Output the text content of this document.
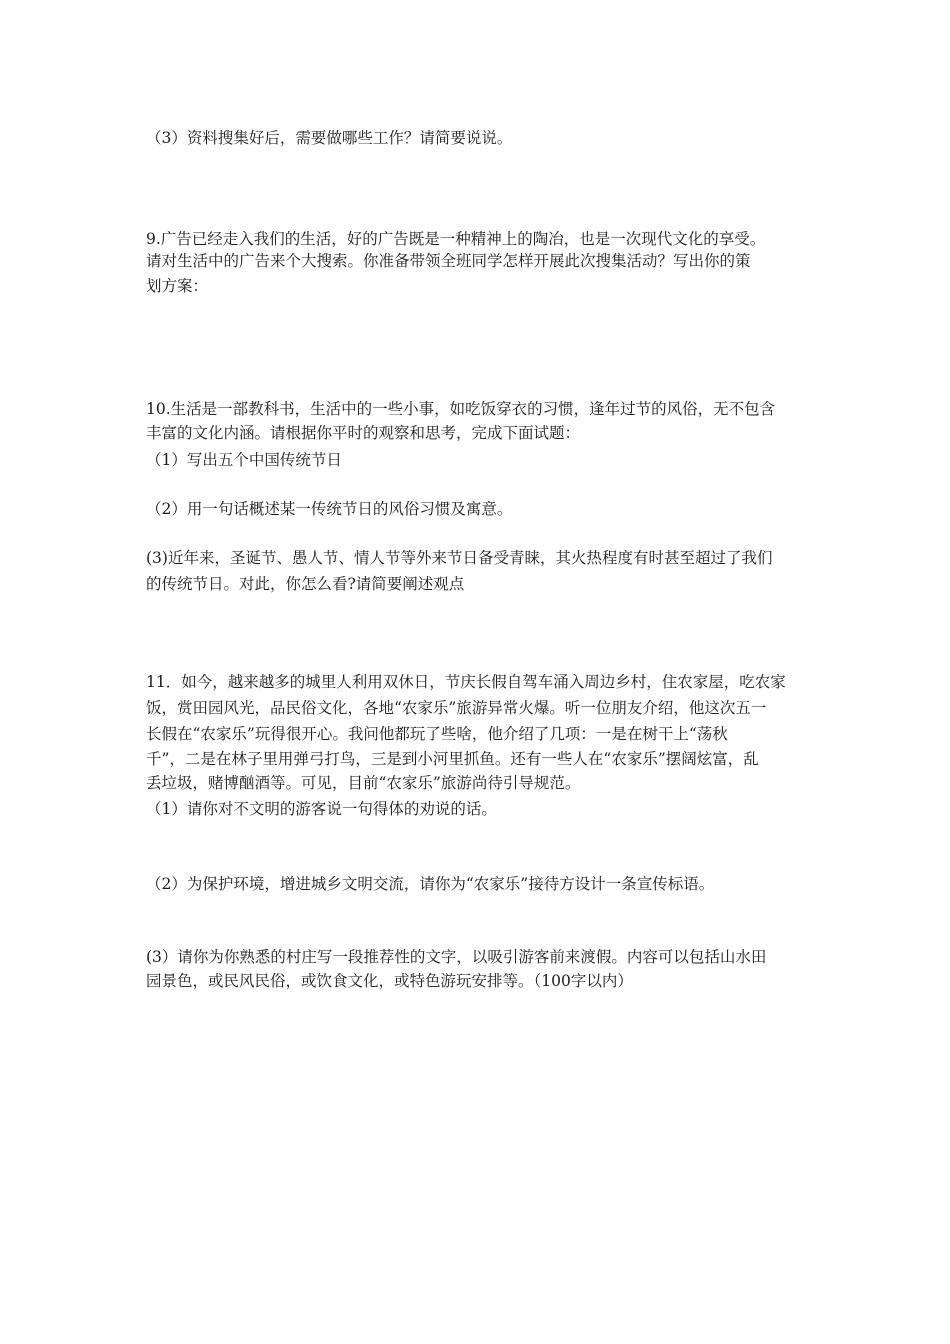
（3）资料搜集好后，需要做哪些工作？请简要说说。
9.广告已经走入我们的生活，好的广告既是一种精神上的陶冶，也是一次现代文化的享受。
请对生活中的广告来个大搜索。你准备带领全班同学怎样开展此次搜集活动？写出你的策
划方案：
10.生活是一部教科书，生活中的一些小事，如吃饭穿衣的习惯，逢年过节的风俗，无不包含
丰富的文化内涵。请根据你平时的观察和思考，完成下面试题：
（1）写出五个中国传统节日
（2）用一句话概述某一传统节日的风俗习惯及寓意。
(3)近年来，圣诞节、愚人节、情人节等外来节日备受青睐，其火热程度有时甚至超过了我们
的传统节日。对此，你怎么看?请简要阐述观点
11．如今，越来越多的城里人利用双休日，节庆长假自驾车涌入周边乡村，住农家屋，吃农家
饭，赏田园风光，品民俗文化，各地“农家乐”旅游异常火爆。听一位朋友介绍，他这次五一
长假在“农家乐”玩得很开心。我问他都玩了些啥，他介绍了几项：一是在树干上“荡秋
千”，二是在林子里用弹弓打鸟，三是到小河里抓鱼。还有一些人在“农家乐”摆阔炫富，乱
丢垃圾，赌博酗酒等。可见，目前“农家乐”旅游尚待引导规范。
（1）请你对不文明的游客说一句得体的劝说的话。
（2）为保护环境，增进城乡文明交流，请你为“农家乐”接待方设计一条宣传标语。
(3）请你为你熟悉的村庄写一段推荐性的文字，以吸引游客前来渡假。内容可以包括山水田
园景色，或民风民俗，或饮食文化，或特色游玩安排等。（100字以内）
